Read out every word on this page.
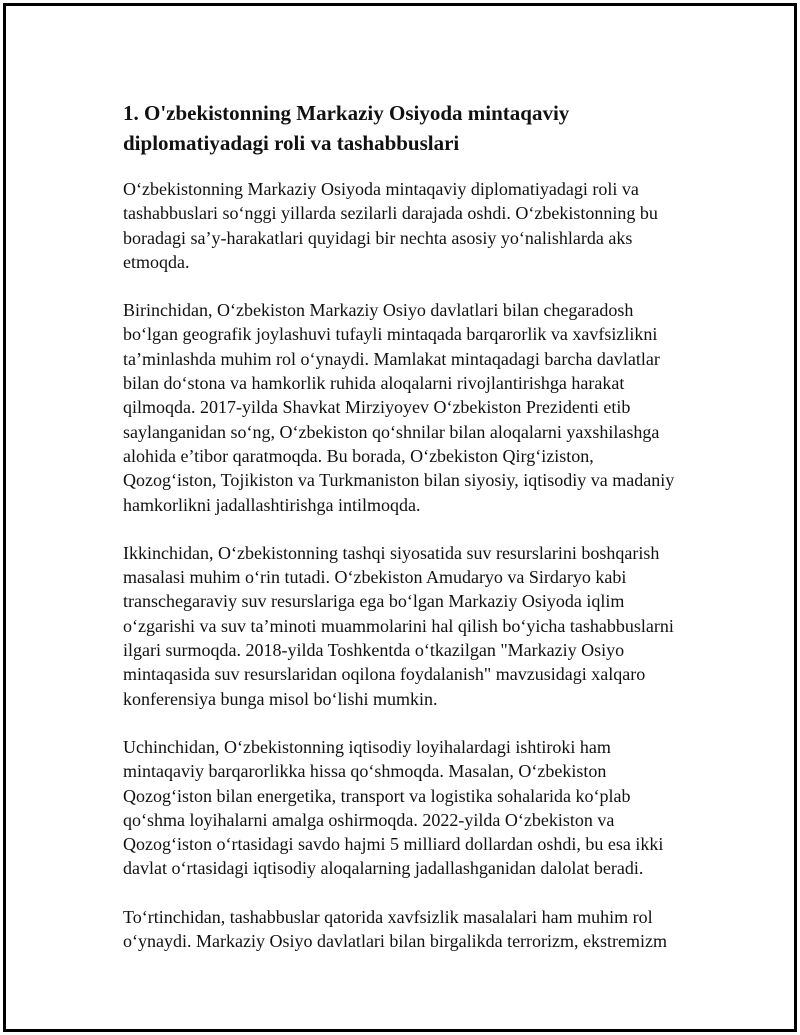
1. O'zbekistonning Markaziy Osiyoda mintaqaviy
diplomatiyadagi roli va tashabbuslari

O‘zbekistonning Markaziy Osiyoda mintaqaviy diplomatiyadagi roli va
tashabbuslari so‘nggi yillarda sezilarli darajada oshdi. O‘zbekistonning bu
boradagi sa’y-harakatlari quyidagi bir nechta asosiy yo‘nalishlarda aks
etmoqda.

Birinchidan, O‘zbekiston Markaziy Osiyo davlatlari bilan chegaradosh
bo‘lgan geografik joylashuvi tufayli mintaqada barqarorlik va xavfsizlikni
ta’minlashda muhim rol o‘ynaydi. Mamlakat mintaqadagi barcha davlatlar
bilan do‘stona va hamkorlik ruhida aloqalarni rivojlantirishga harakat
qilmoqda. 2017-yilda Shavkat Mirziyoyev O‘zbekiston Prezidenti etib
saylanganidan so‘ng, O‘zbekiston qo‘shnilar bilan aloqalarni yaxshilashga
alohida e’tibor qaratmoqda. Bu borada, O‘zbekiston Qirg‘iziston,
Qozog‘iston, Tojikiston va Turkmaniston bilan siyosiy, iqtisodiy va madaniy
hamkorlikni jadallashtirishga intilmoqda.

Ikkinchidan, O‘zbekistonning tashqi siyosatida suv resurslarini boshqarish
masalasi muhim o‘rin tutadi. O‘zbekiston Amudaryo va Sirdaryo kabi
transchegaraviy suv resurslariga ega bo‘lgan Markaziy Osiyoda iqlim
o‘zgarishi va suv ta’minoti muammolarini hal qilish bo‘yicha tashabbuslarni
ilgari surmoqda. 2018-yilda Toshkentda o‘tkazilgan "Markaziy Osiyo
mintaqasida suv resurslaridan oqilona foydalanish" mavzusidagi xalqaro
konferensiya bunga misol bo‘lishi mumkin.

Uchinchidan, O‘zbekistonning iqtisodiy loyihalardagi ishtiroki ham
mintaqaviy barqarorlikka hissa qo‘shmoqda. Masalan, O‘zbekiston
Qozog‘iston bilan energetika, transport va logistika sohalarida ko‘plab
qo‘shma loyihalarni amalga oshirmoqda. 2022-yilda O‘zbekiston va
Qozog‘iston o‘rtasidagi savdo hajmi 5 milliard dollardan oshdi, bu esa ikki
davlat o‘rtasidagi iqtisodiy aloqalarning jadallashganidan dalolat beradi.

To‘rtinchidan, tashabbuslar qatorida xavfsizlik masalalari ham muhim rol
o‘ynaydi. Markaziy Osiyo davlatlari bilan birgalikda terrorizm, ekstremizm
